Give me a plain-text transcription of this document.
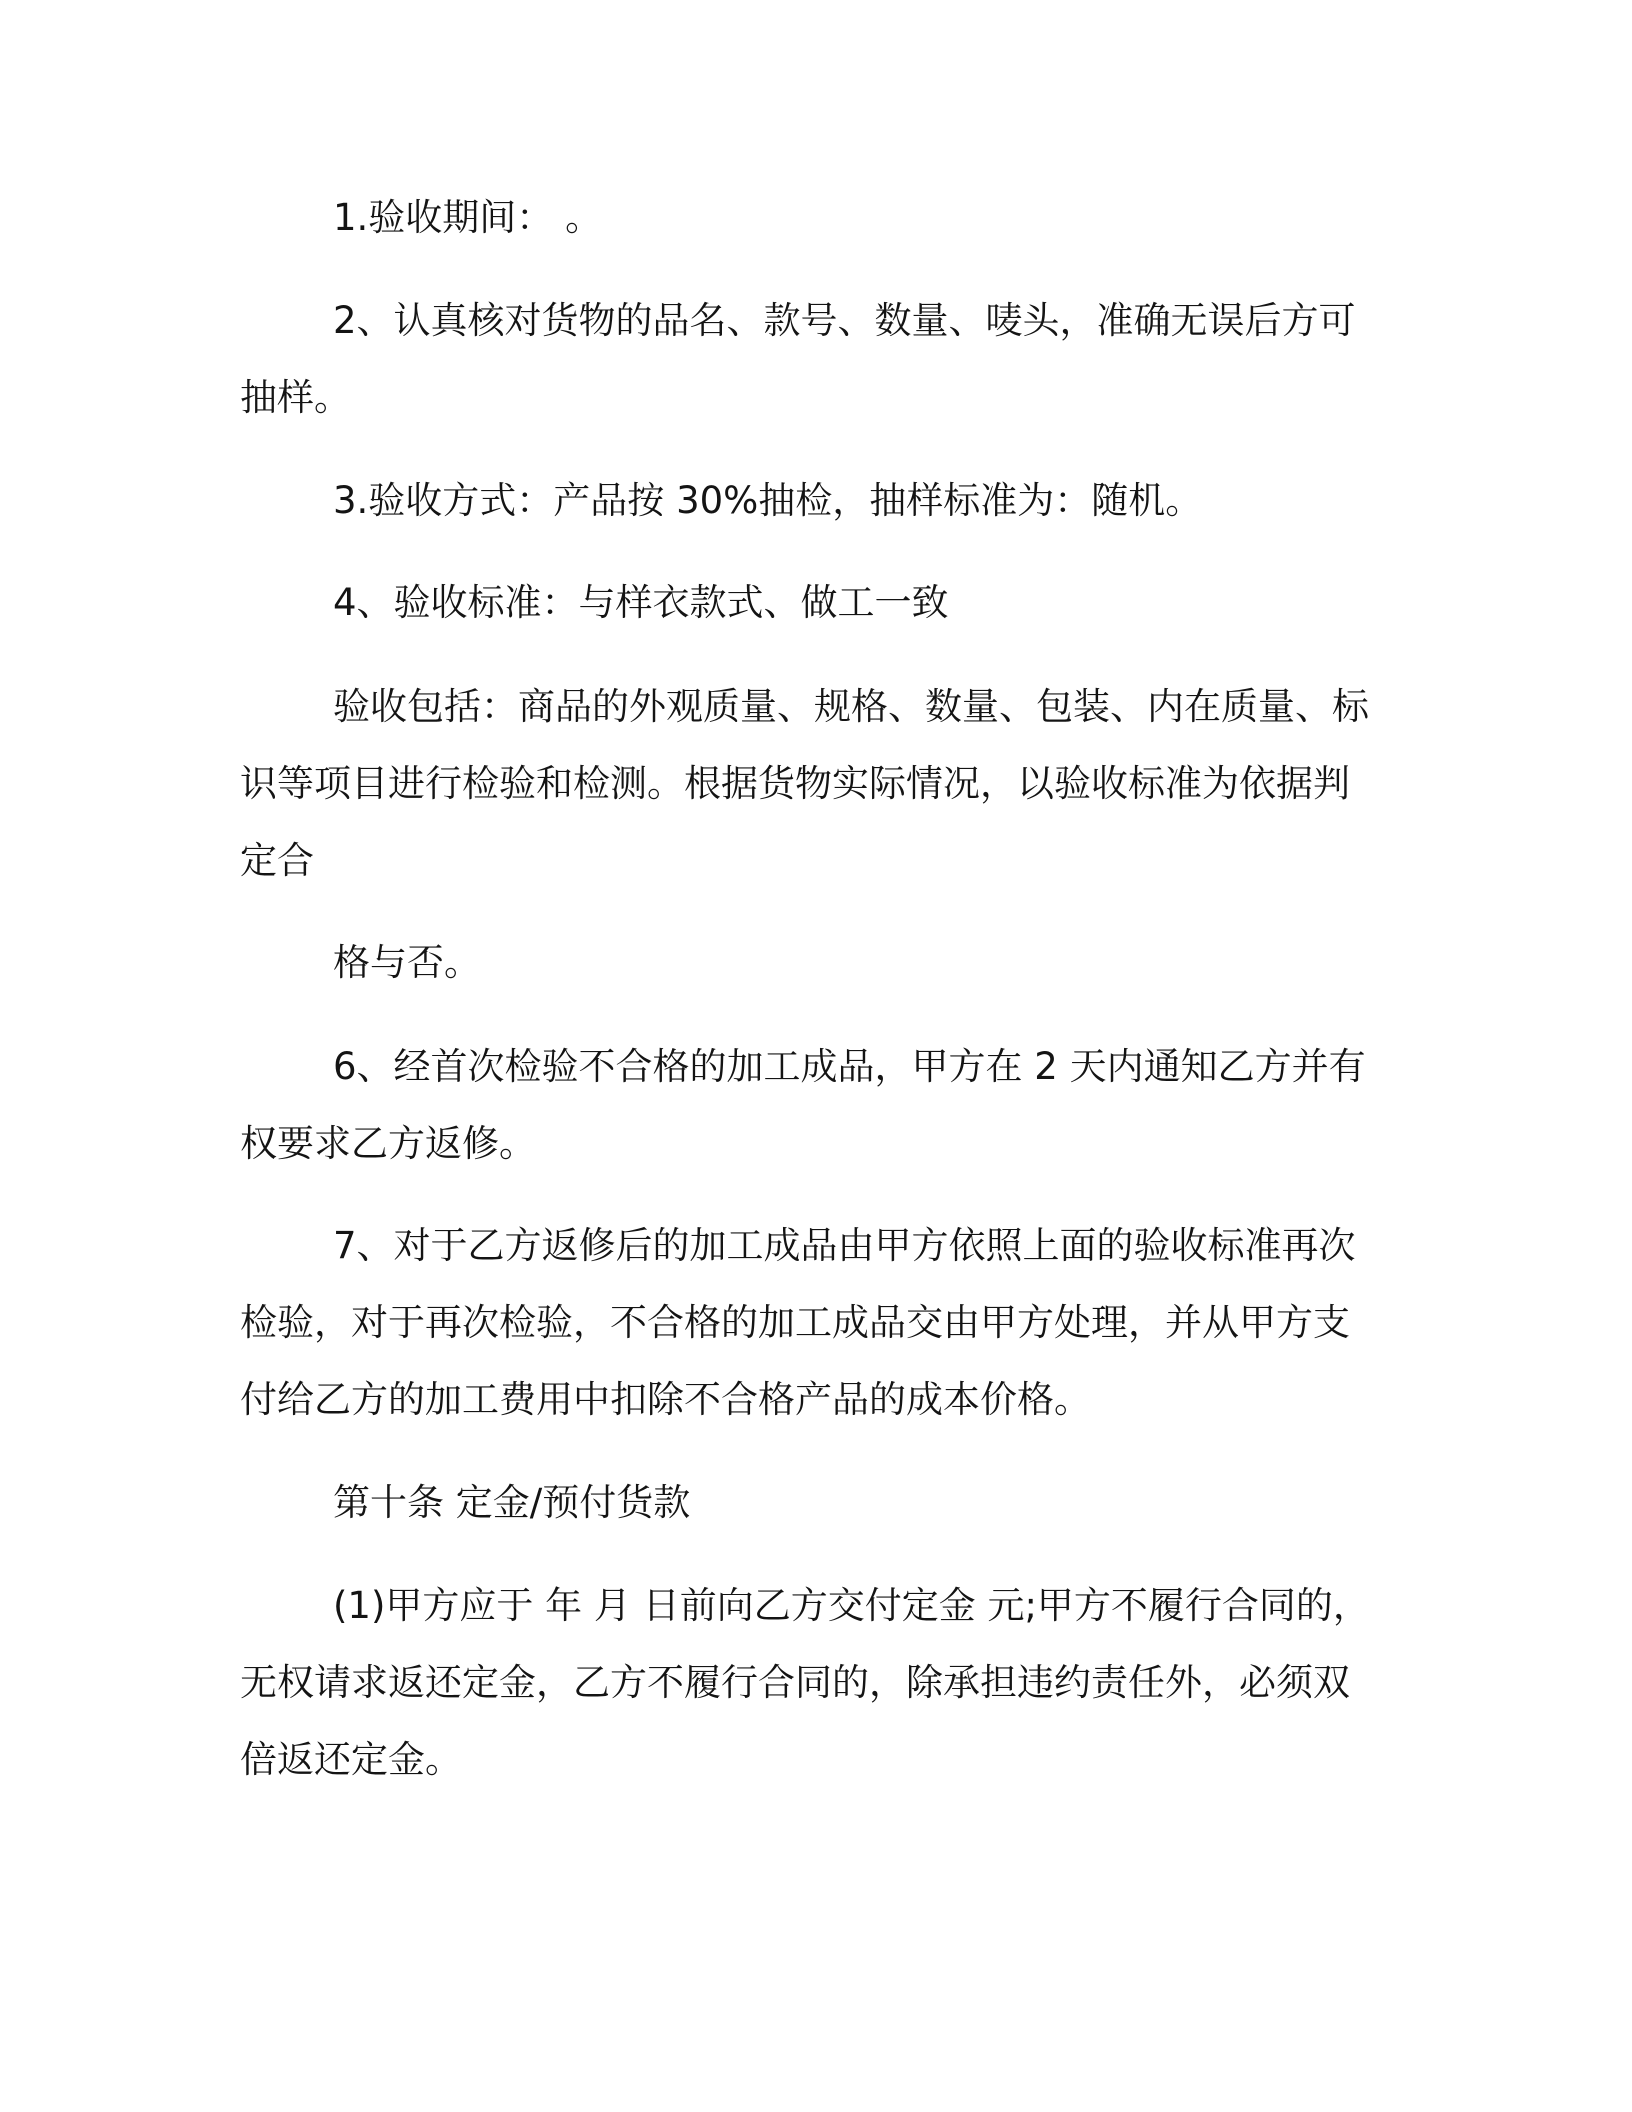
1.验收期间： 。
2、认真核对货物的品名、款号、数量、唛头，准确无误后方可
抽样。
3.验收方式：产品按 30%抽检，抽样标准为：随机。
4、验收标准：与样衣款式、做工一致
验收包括：商品的外观质量、规格、数量、包装、内在质量、标
识等项目进行检验和检测。根据货物实际情况，以验收标准为依据判
定合
格与否。
6、经首次检验不合格的加工成品，甲方在 2 天内通知乙方并有
权要求乙方返修。
7、对于乙方返修后的加工成品由甲方依照上面的验收标准再次
检验，对于再次检验，不合格的加工成品交由甲方处理，并从甲方支
付给乙方的加工费用中扣除不合格产品的成本价格。
第十条 定金/预付货款
(1)甲方应于 年 月 日前向乙方交付定金 元;甲方不履行合同的，
无权请求返还定金，乙方不履行合同的，除承担违约责任外，必须双
倍返还定金。
